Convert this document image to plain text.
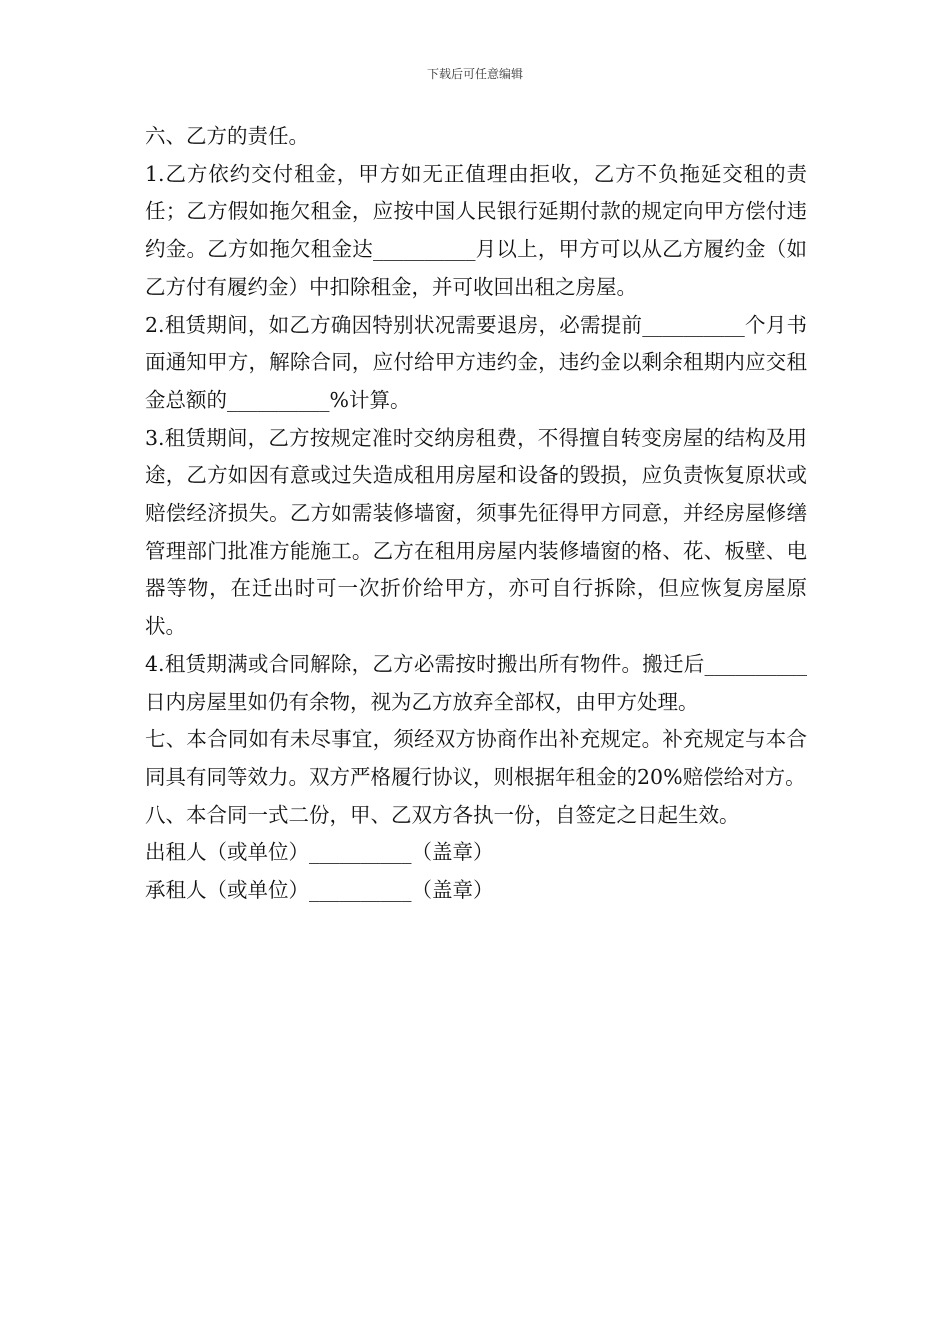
下载后可任意编辑

六、乙方的责任。

1.乙方依约交付租金，甲方如无正值理由拒收，乙方不负拖延交租的责任；乙方假如拖欠租金，应按中国人民银行延期付款的规定向甲方偿付违约金。乙方如拖欠租金达__________月以上，甲方可以从乙方履约金（如乙方付有履约金）中扣除租金，并可收回出租之房屋。

2.租赁期间，如乙方确因特别状况需要退房，必需提前__________个月书面通知甲方，解除合同，应付给甲方违约金，违约金以剩余租期内应交租金总额的__________%计算。

3.租赁期间，乙方按规定准时交纳房租费，不得擅自转变房屋的结构及用途，乙方如因有意或过失造成租用房屋和设备的毁损，应负责恢复原状或赔偿经济损失。乙方如需装修墙窗，须事先征得甲方同意，并经房屋修缮管理部门批准方能施工。乙方在租用房屋内装修墙窗的格、花、板壁、电器等物，在迁出时可一次折价给甲方，亦可自行拆除，但应恢复房屋原状。

4.租赁期满或合同解除，乙方必需按时搬出所有物件。搬迁后__________日内房屋里如仍有余物，视为乙方放弃全部权，由甲方处理。

七、本合同如有未尽事宜，须经双方协商作出补充规定。补充规定与本合同具有同等效力。双方严格履行协议，则根据年租金的20%赔偿给对方。

八、本合同一式二份，甲、乙双方各执一份，自签定之日起生效。

出租人（或单位）__________（盖章）

承租人（或单位）__________（盖章）
